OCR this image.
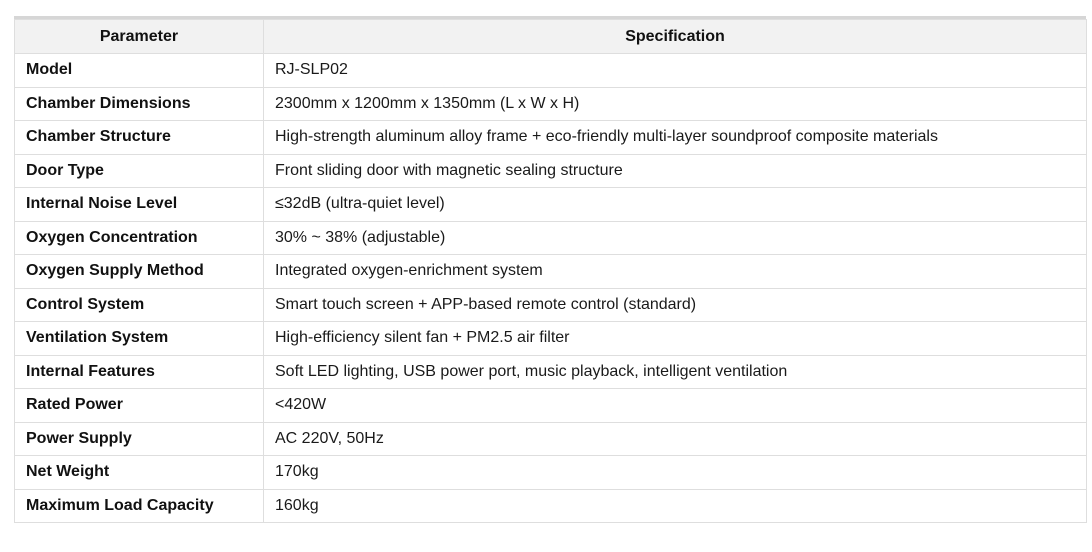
Parameter	Specification
Model	RJ-SLP02
Chamber Dimensions	2300mm x 1200mm x 1350mm (L x W x H)
Chamber Structure	High-strength aluminum alloy frame + eco-friendly multi-layer soundproof composite materials
Door Type	Front sliding door with magnetic sealing structure
Internal Noise Level	≤32dB (ultra-quiet level)
Oxygen Concentration	30% ~ 38% (adjustable)
Oxygen Supply Method	Integrated oxygen-enrichment system
Control System	Smart touch screen + APP-based remote control (standard)
Ventilation System	High-efficiency silent fan + PM2.5 air filter
Internal Features	Soft LED lighting, USB power port, music playback, intelligent ventilation
Rated Power	<420W
Power Supply	AC 220V, 50Hz
Net Weight	170kg
Maximum Load Capacity	160kg
